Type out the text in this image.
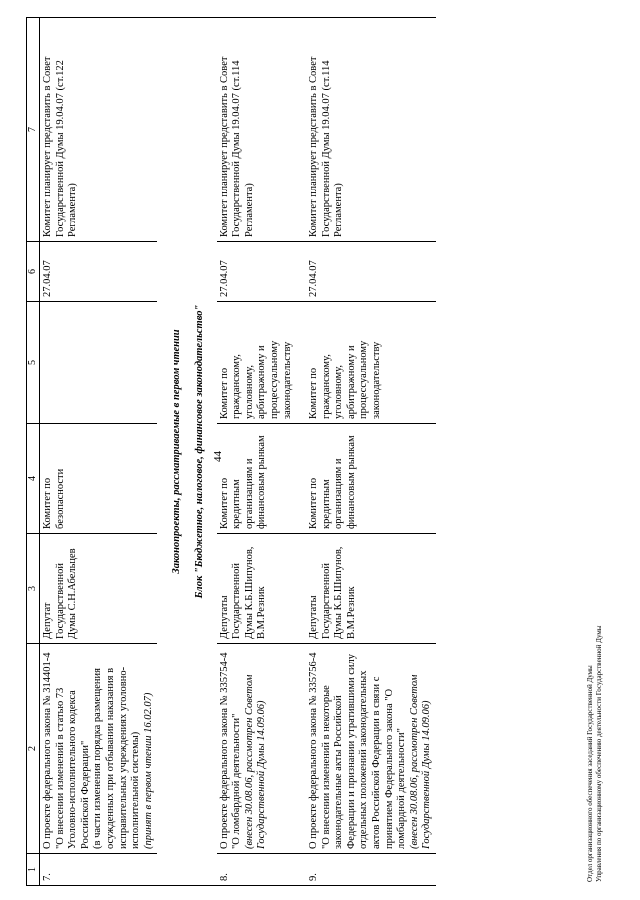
44
1	2	3	4	5	6	7
7.	О проекте федерального закона № 314401-4 "О внесении изменений в статью 73 Уголовно-исполнительного кодекса Российской Федерации" (в части изменения порядка размещения осужденных при отбывании наказания в исправительных учреждениях уголовно-исполнительной системы) (принят в первом чтении 16.02.07)	Депутат Государственной Думы С.Н.Абельцев	Комитет по безопасности		27.04.07	Комитет планирует представить в Совет Государственной Думы 19.04.07 (ст.122 Регламента)
Законопроекты, рассматриваемые в первом чтении						
Блок "Бюджетное, налоговое, финансовое законодательство"						
8.	О проекте федерального закона № 335754-4 "О ломбардной деятельности" (внесен 30.08.06, рассмотрен Советом Государственной Думы 14.09.06)	Депутаты Государственной Думы К.Б.Шипунов, В.М.Резник	Комитет по кредитным организациям и финансовым рынкам	Комитет по гражданскому, уголовному, арбитражному и процессуальному законодательству	27.04.07	Комитет планирует представить в Совет Государственной Думы 19.04.07 (ст.114 Регламента)
9.	О проекте федерального закона № 335756-4 "О внесении изменений в некоторые законодательные акты Российской Федерации и признании утратившими силу отдельных положений законодательных актов Российской Федерации в связи с принятием Федерального закона "О ломбардной деятельности" (внесен 30.08.06, рассмотрен Советом Государственной Думы 14.09.06)	Депутаты Государственной Думы К.Б.Шипунов, В.М.Резник	Комитет по кредитным организациям и финансовым рынкам	Комитет по гражданскому, уголовному, арбитражному и процессуальному законодательству	27.04.07	Комитет планирует представить в Совет Государственной Думы 19.04.07 (ст.114 Регламента)
Отдел организационного обеспечения заседаний Государственной Думы Управления по организационному обеспечению деятельности Государственной Думы
